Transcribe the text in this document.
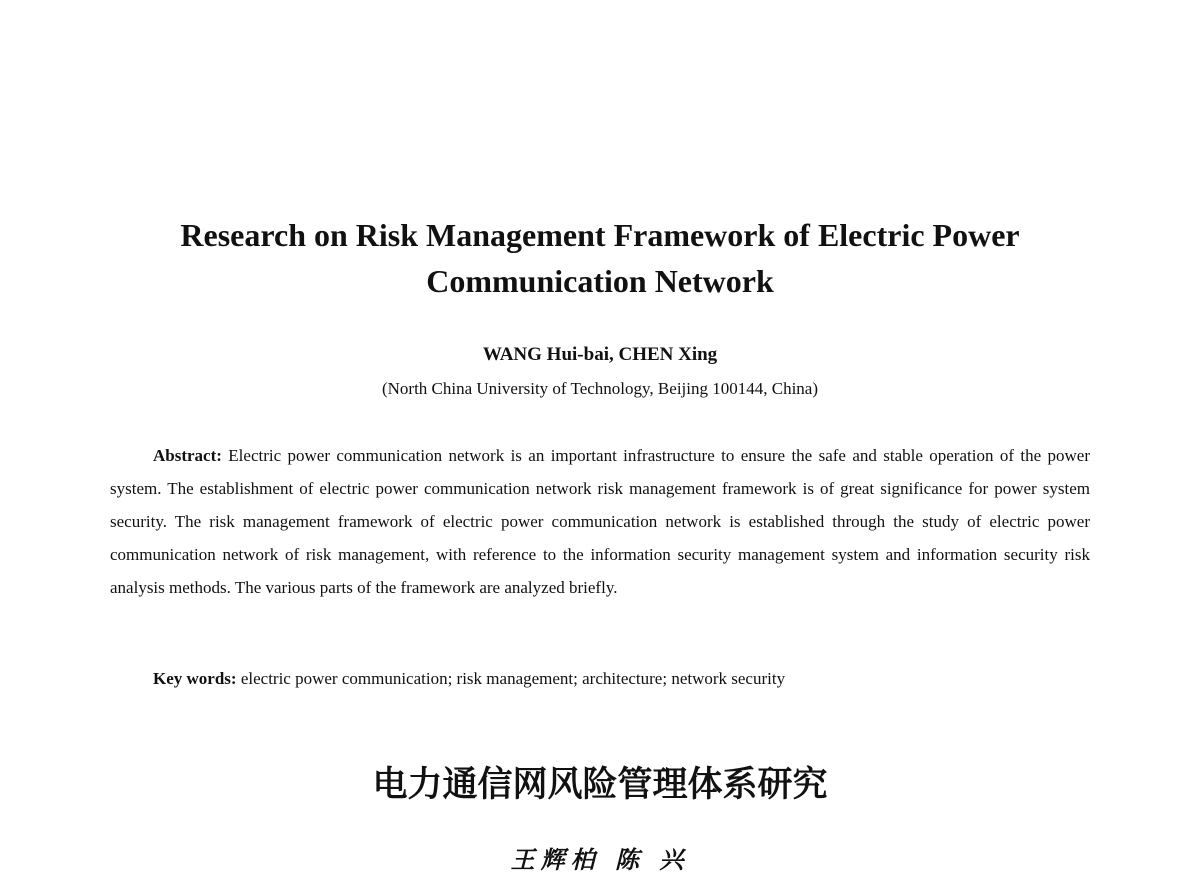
Research on Risk Management Framework of Electric Power
Communication Network
WANG Hui-bai, CHEN Xing
(North China University of Technology, Beijing 100144, China)

Abstract: Electric power communication network is an important infrastructure to ensure the safe and stable operation of the power system. The establishment of electric power communication network risk management framework is of great significance for power system security. The risk management framework of electric power communication network is established through the study of electric power communication network of risk management, with reference to the information security management system and information security risk analysis methods. The various parts of the framework are analyzed briefly.

Key words: electric power communication; risk management; architecture; network security
电力通信网风险管理体系研究
王辉柏 陈 兴
